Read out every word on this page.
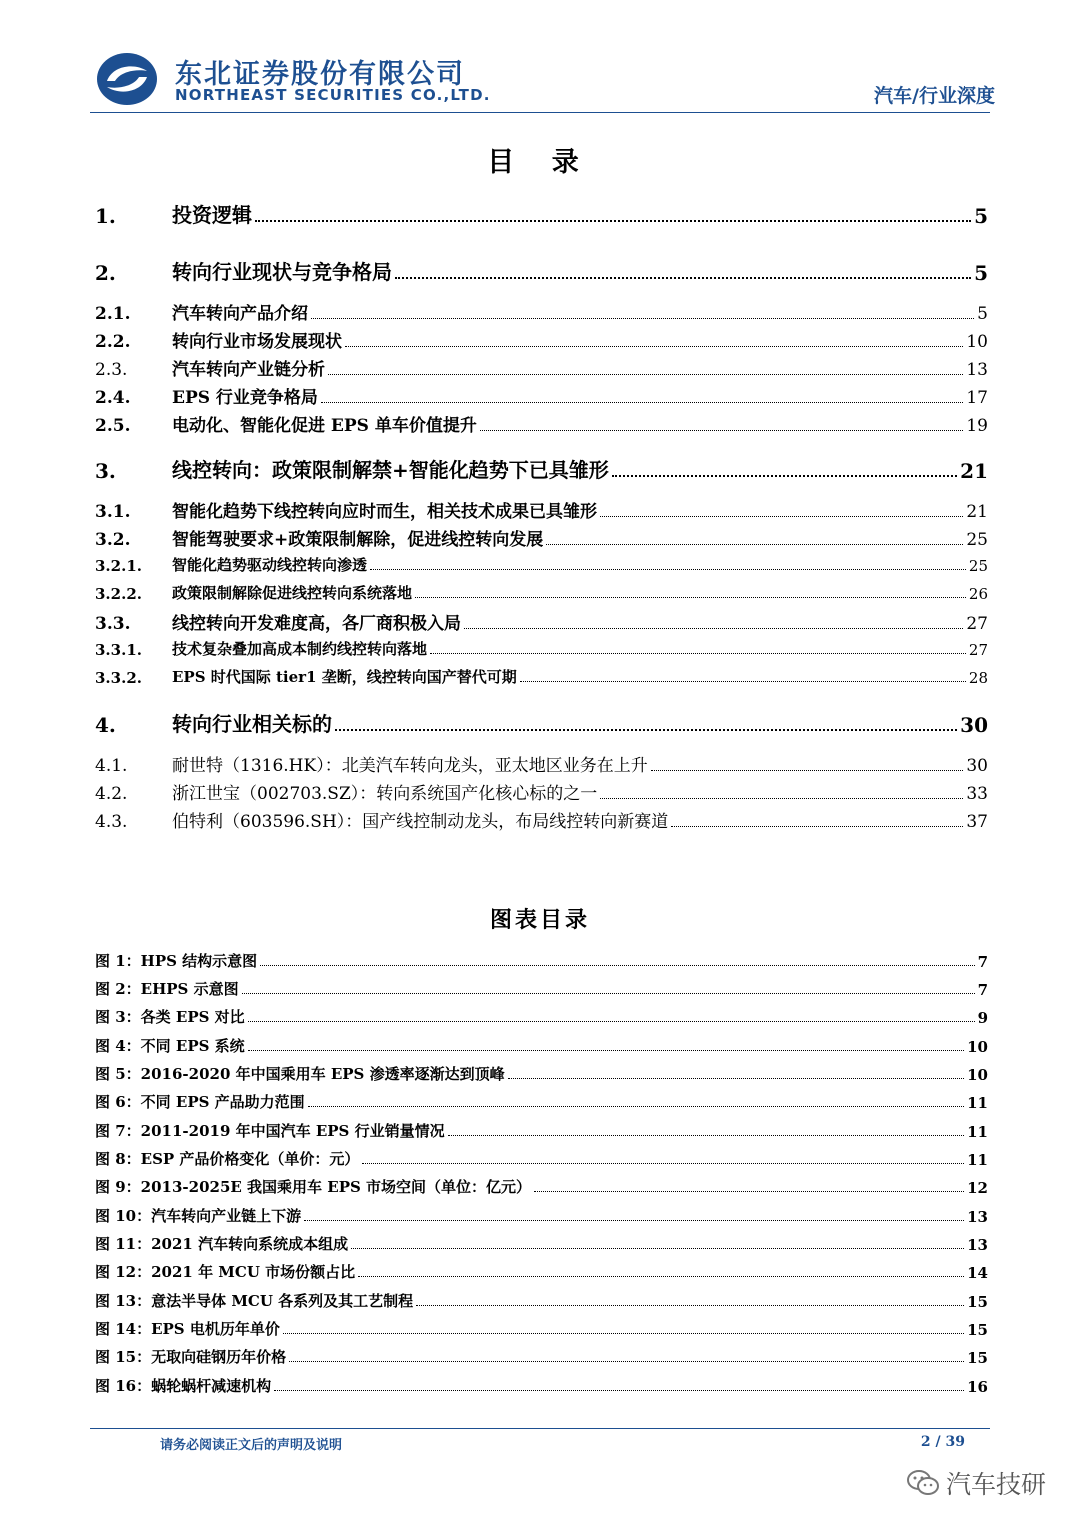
东北证券股份有限公司
NORTHEAST SECURITIES CO.,LTD.	汽车/行业深度
目 录
1.	投资逻辑	5
2.	转向行业现状与竞争格局	5
2.1.	汽车转向产品介绍	5
2.2.	转向行业市场发展现状	10
2.3.	汽车转向产业链分析	13
2.4.	EPS 行业竞争格局	17
2.5.	电动化、智能化促进 EPS 单车价值提升	19
3.	线控转向：政策限制解禁+智能化趋势下已具雏形	21
3.1.	智能化趋势下线控转向应时而生，相关技术成果已具雏形	21
3.2.	智能驾驶要求+政策限制解除，促进线控转向发展	25
3.2.1.	智能化趋势驱动线控转向渗透	25
3.2.2.	政策限制解除促进线控转向系统落地	26
3.3.	线控转向开发难度高，各厂商积极入局	27
3.3.1.	技术复杂叠加高成本制约线控转向落地	27
3.3.2.	EPS 时代国际 tier1 垄断，线控转向国产替代可期	28
4.	转向行业相关标的	30
4.1.	耐世特（1316.HK）：北美汽车转向龙头，亚太地区业务在上升	30
4.2.	浙江世宝（002703.SZ）：转向系统国产化核心标的之一	33
4.3.	伯特利（603596.SH）：国产线控制动龙头，布局线控转向新赛道	37
图表目录
图 1：HPS 结构示意图	7
图 2：EHPS 示意图	7
图 3：各类 EPS 对比	9
图 4：不同 EPS 系统	10
图 5：2016-2020 年中国乘用车 EPS 渗透率逐渐达到顶峰	10
图 6：不同 EPS 产品助力范围	11
图 7：2011-2019 年中国汽车 EPS 行业销量情况	11
图 8：ESP 产品价格变化（单价：元）	11
图 9：2013-2025E 我国乘用车 EPS 市场空间（单位：亿元）	12
图 10：汽车转向产业链上下游	13
图 11：2021 汽车转向系统成本组成	13
图 12：2021 年 MCU 市场份额占比	14
图 13：意法半导体 MCU 各系列及其工艺制程	15
图 14：EPS 电机历年单价	15
图 15：无取向硅钢历年价格	15
图 16：蜗轮蜗杆减速机构	16
请务必阅读正文后的声明及说明	2 / 39
汽车技研
